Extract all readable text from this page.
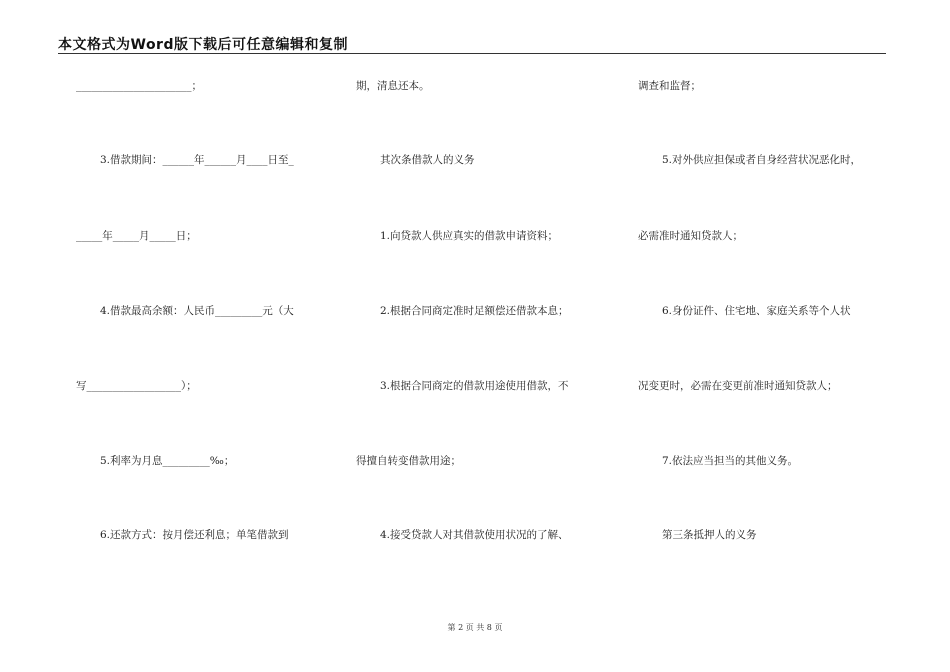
本文格式为Word版下载后可任意编辑和复制
______________________；
3.借款期间：______年______月____日至_
_____年_____月_____日；
4.借款最高余额：人民币_________元（大
写__________________）；
5.利率为月息_________‰；
6.还款方式：按月偿还利息；单笔借款到
期，清息还本。
其次条借款人的义务
1.向贷款人供应真实的借款申请资料；
2.根据合同商定准时足额偿还借款本息；
3.根据合同商定的借款用途使用借款，不
得擅自转变借款用途；
4.接受贷款人对其借款使用状况的了解、
调查和监督；
5.对外供应担保或者自身经营状况恶化时，
必需准时通知贷款人；
6.身份证件、住宅地、家庭关系等个人状
况变更时，必需在变更前准时通知贷款人；
7.依法应当担当的其他义务。
第三条抵押人的义务
第 2 页 共 8 页
